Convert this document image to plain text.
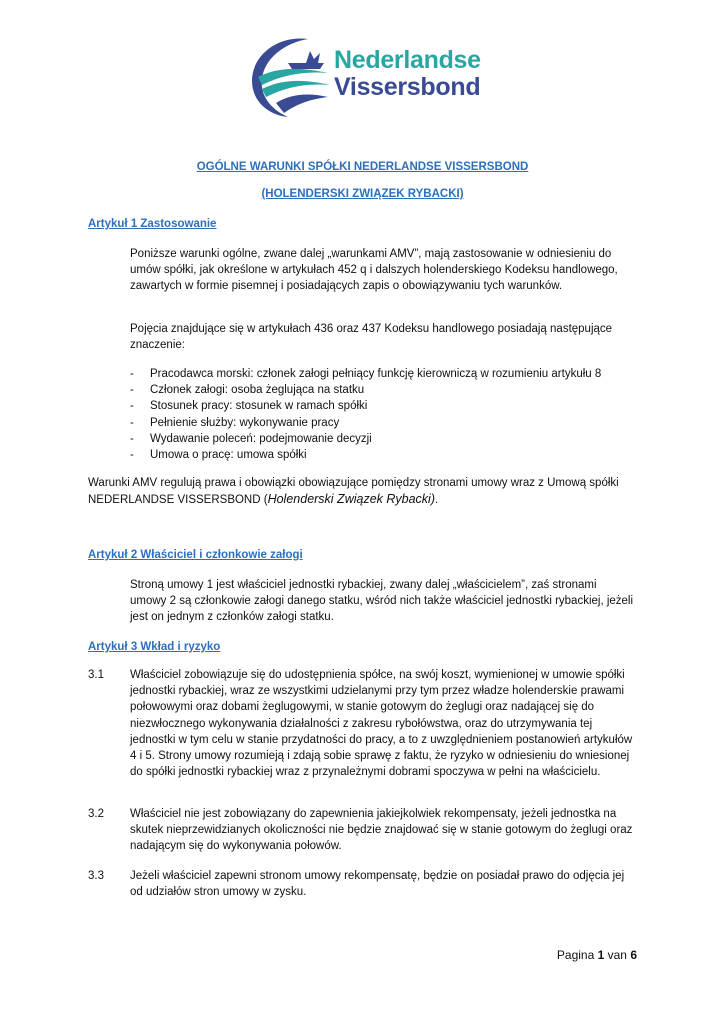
Nederlandse
Vissersbond
OGÓLNE WARUNKI SPÓŁKI NEDERLANDSE VISSERSBOND
(HOLENDERSKI ZWIĄZEK RYBACKI)
Artykuł 1 Zastosowanie

Poniższe warunki ogólne, zwane dalej „warunkami AMV”, mają zastosowanie w odniesieniu do umów spółki, jak określone w artykułach 452 q i dalszych holenderskiego Kodeksu handlowego, zawartych w formie pisemnej i posiadających zapis o obowiązywaniu tych warunków.

Pojęcia znajdujące się w artykułach 436 oraz 437 Kodeksu handlowego posiadają następujące znaczenie:

- Pracodawca morski: członek załogi pełniący funkcję kierowniczą w rozumieniu artykułu 8
- Członek załogi: osoba żeglująca na statku
- Stosunek pracy: stosunek w ramach spółki
- Pełnienie służby: wykonywanie pracy
- Wydawanie poleceń: podejmowanie decyzji
- Umowa o pracę: umowa spółki

Warunki AMV regulują prawa i obowiązki obowiązujące pomiędzy stronami umowy wraz z Umową spółki NEDERLANDSE VISSERSBOND (Holenderski Związek Rybacki).

Artykuł 2 Właściciel i członkowie załogi

Stroną umowy 1 jest właściciel jednostki rybackiej, zwany dalej „właścicielem”, zaś stronami umowy 2 są członkowie załogi danego statku, wśród nich także właściciel jednostki rybackiej, jeżeli jest on jednym z członków załogi statku.

Artykuł 3 Wkład i ryzyko
3.1 Właściciel zobowiązuje się do udostępnienia spółce, na swój koszt, wymienionej w umowie spółki jednostki rybackiej, wraz ze wszystkimi udzielanymi przy tym przez władze holenderskie prawami połowowymi oraz dobami żeglugowymi, w stanie gotowym do żeglugi oraz nadającej się do niezwłocznego wykonywania działalności z zakresu rybołówstwa, oraz do utrzymywania tej jednostki w tym celu w stanie przydatności do pracy, a to z uwzględnieniem postanowień artykułów 4 i 5. Strony umowy rozumieją i zdają sobie sprawę z faktu, że ryzyko w odniesieniu do wniesionej do spółki jednostki rybackiej wraz z przynależnymi dobrami spoczywa w pełni na właścicielu.
3.2 Właściciel nie jest zobowiązany do zapewnienia jakiejkolwiek rekompensaty, jeżeli jednostka na skutek nieprzewidzianych okoliczności nie będzie znajdować się w stanie gotowym do żeglugi oraz nadającym się do wykonywania połowów.
3.3 Jeżeli właściciel zapewni stronom umowy rekompensatę, będzie on posiadał prawo do odjęcia jej od udziałów stron umowy w zysku.
Pagina 1 van 6
